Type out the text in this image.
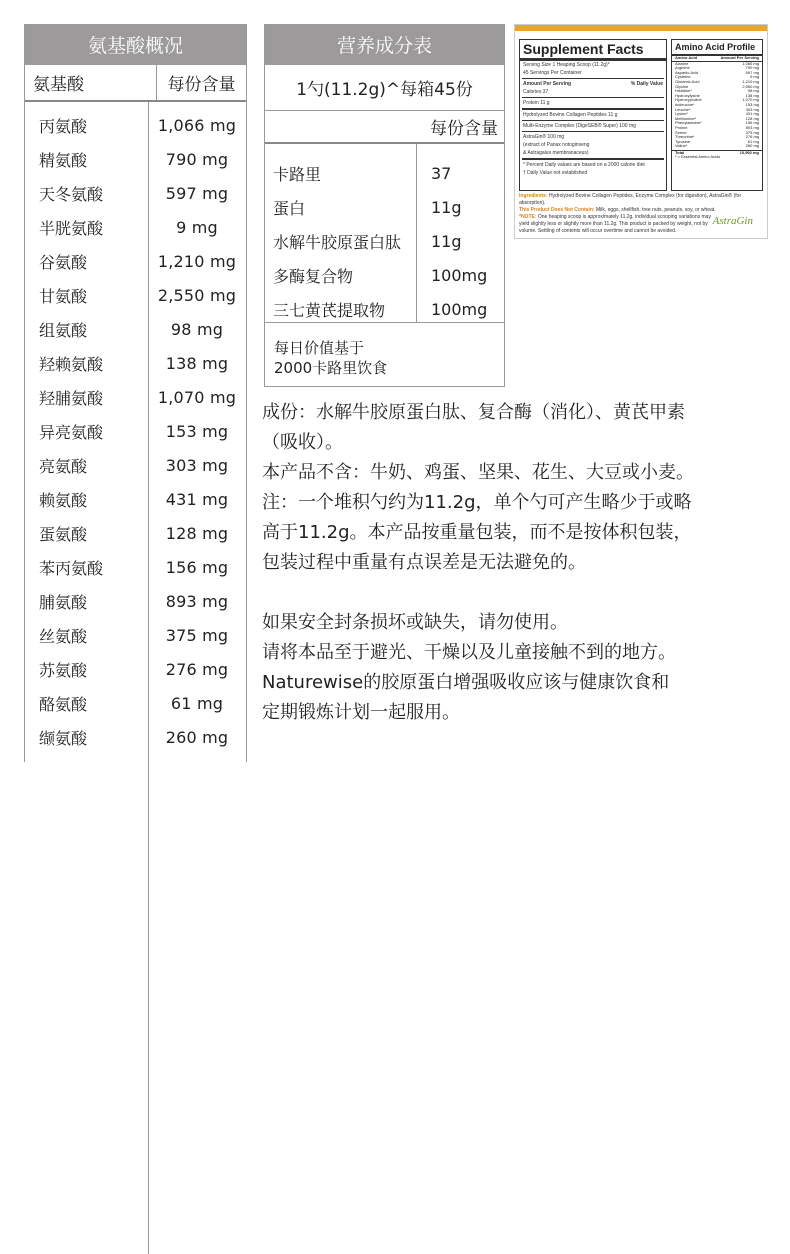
氨基酸概况
氨基酸	每份含量
丙氨酸	1,066 mg
精氨酸	790 mg
天冬氨酸	597 mg
半胱氨酸	9 mg
谷氨酸	1,210 mg
甘氨酸	2,550 mg
组氨酸	98 mg
羟赖氨酸	138 mg
羟脯氨酸	1,070 mg
异亮氨酸	153 mg
亮氨酸	303 mg
赖氨酸	431 mg
蛋氨酸	128 mg
苯丙氨酸	156 mg
脯氨酸	893 mg
丝氨酸	375 mg
苏氨酸	276 mg
酪氨酸	61 mg
缬氨酸	260 mg
营养成分表
1勺(11.2g)^每箱45份
每份含量
卡路里	37
蛋白	11g
水解牛胶原蛋白肽	11g
多酶复合物	100mg
三七黄芪提取物	100mg
每日价值基于
2000卡路里饮食
Supplement Facts
Serving Size 1 Heaping Scoop (11.2g)*
45 Servings Per Container
Amount Per Serving	% Daily Value
Calories 37
Protein 11 g
Hydrolyzed Bovine Collagen Peptides 11 g
Multi-Enzyme Complex (DigeSEB® Super) 100 mg
AstraGin® 100 mg
(extract of Panax notoginseng
& Astragalus membranaceus)
* Percent Daily values are based on a 2000 calorie diet
† Daily Value not established
Amino Acid Profile
Amino Acid	Amount Per Serving
Alanine	1,066 mg
Arginine	790 mg
Aspartic Acid	597 mg
Cysteine	9 mg
Glutamic Acid	1,210 mg
Glycine	2,550 mg
Histidine*	98 mg
Hydroxylysine	138 mg
Hydroxyproline	1,070 mg
Isoleucine*	153 mg
Leucine*	303 mg
Lysine*	431 mg
Methionine*	128 mg
Phenylalanine*	156 mg
Proline	893 mg
Serine	375 mg
Threonine*	276 mg
Tyrosine	61 mg
Valine*	260 mg
Total	10,992 mg
* = Essential Amino Acids
Ingredients: Hydrolyzed Bovine Collagen Peptides, Enzyme Complex (for digestion), AstraGin® (for absorption).
This Product Does Not Contain: Milk, eggs, shellfish, tree nuts, peanuts, soy, or wheat.
*NOTE: One heaping scoop is approximately 11.2g, individual scooping variations may yield slightly less or slightly more than 11.2g. This product is packed by weight, not by volume. Settling of contents will occur overtime and cannot be avoided.
AstraGin

成份：水解牛胶原蛋白肽、复合酶（消化）、黄芪甲素

（吸收）。

本产品不含：牛奶、鸡蛋、坚果、花生、大豆或小麦。

注：一个堆积勺约为11.2g，单个勺可产生略少于或略

高于11.2g。本产品按重量包装，而不是按体积包装，

包装过程中重量有点误差是无法避免的。

如果安全封条损坏或缺失，请勿使用。

请将本品至于避光、干燥以及儿童接触不到的地方。

Naturewise的胶原蛋白增强吸收应该与健康饮食和

定期锻炼计划一起服用。
